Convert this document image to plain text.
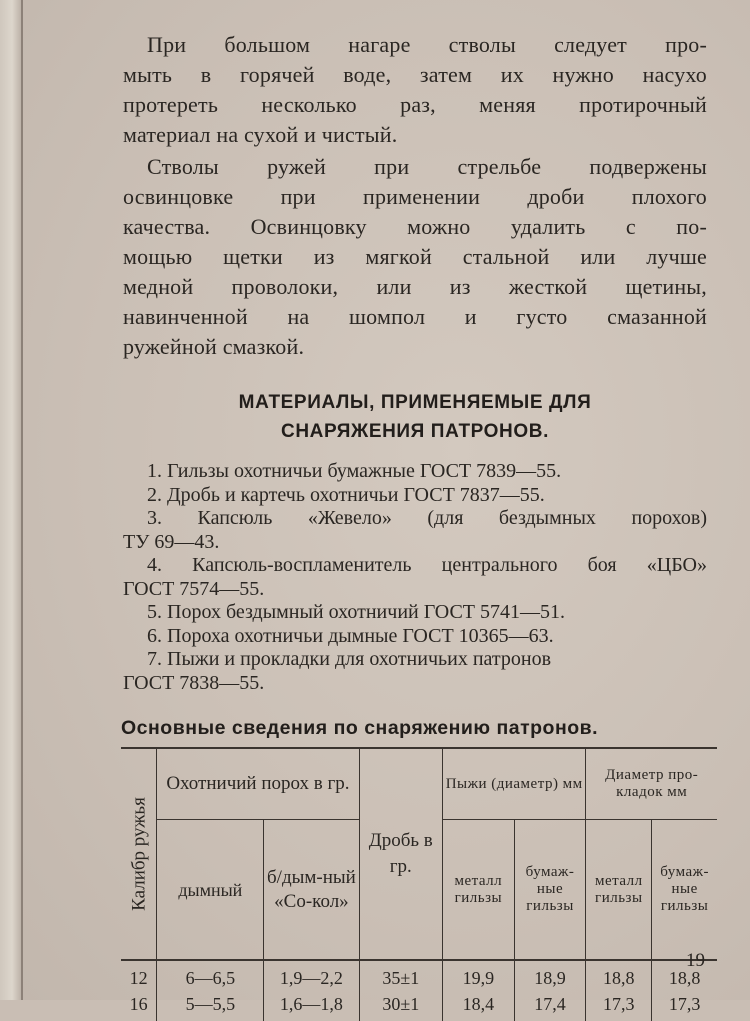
При большом нагаре стволы следует про-
мыть в горячей воде, затем их нужно насухо
протереть несколько раз, меняя протирочный
материал на сухой и чистый.

Стволы ружей при стрельбе подвержены
освинцовке при применении дроби плохого
качества. Освинцовку можно удалить с по-
мощью щетки из мягкой стальной или лучше
медной проволоки, или из жесткой щетины,
навинченной на шомпол и густо смазанной
ружейной смазкой.

МАТЕРИАЛЫ, ПРИМЕНЯЕМЫЕ ДЛЯ
СНАРЯЖЕНИЯ ПАТРОНОВ.
1. Гильзы охотничьи бумажные ГОСТ 7839—55.
2. Дробь и картечь охотничьи ГОСТ 7837—55.
3. Капсюль «Жевело» (для бездымных порохов)
ТУ 69—43.
4. Капсюль-воспламенитель центрального боя «ЦБО»
ГОСТ 7574—55.
5. Порох бездымный охотничий ГОСТ 5741—51.
6. Пороха охотничьи дымные ГОСТ 10365—63.
7. Пыжи и прокладки для охотничьих патронов
ГОСТ 7838—55.
Основные сведения по снаряжению патронов.
Калибр ружья	Охотничий порох в гр.		Дробь в гр.	Пыжи (диаметр) мм		Диаметр про-кладок мм	
	дымный	б/дым-ный «Со-кол»		металл гильзы	бумаж-ные гильзы	металл гильзы	бумаж-ные гильзы
12	6—6,5	1,9—2,2	35±1	19,9	18,9	18,8	18,8
16	5—5,5	1,6—1,8	30±1	18,4	17,4	17,3	17,3
19
